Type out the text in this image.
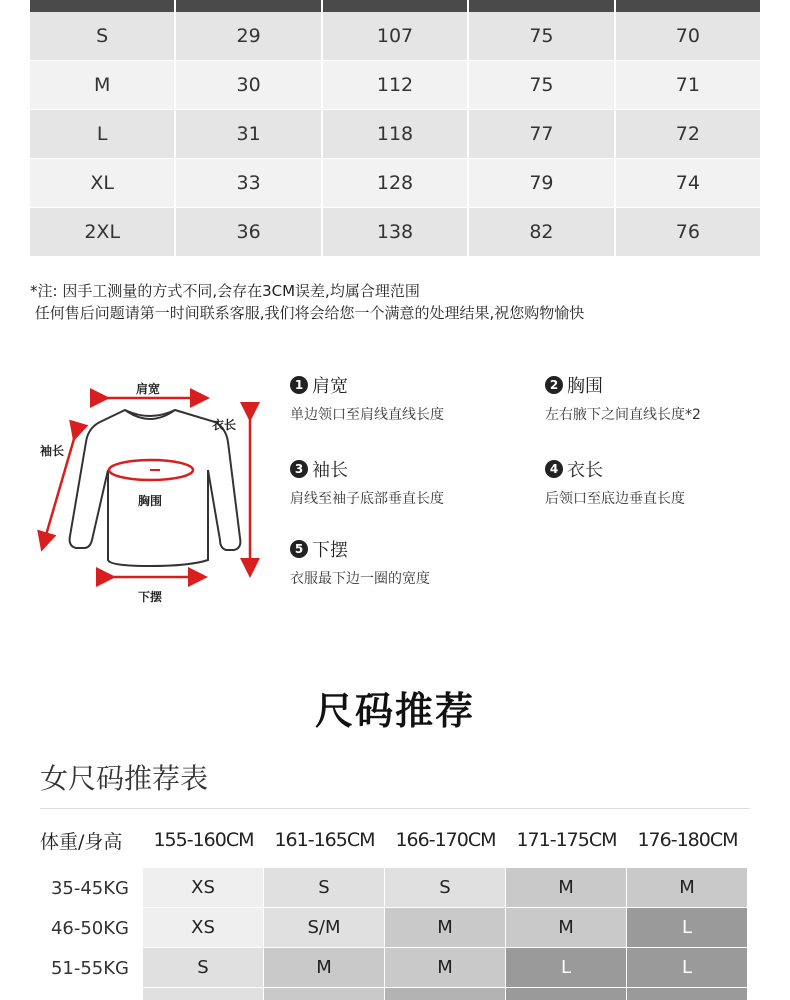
S	29	107	75	70
M	30	112	75	71
L	31	118	77	72
XL	33	128	79	74
2XL	36	138	82	76
*注: 因手工测量的方式不同,会存在3CM误差,均属合理范围
任何售后问题请第一时间联系客服,我们将会给您一个满意的处理结果,祝您购物愉快
肩宽
衣长
袖长
胸围
下摆
1 肩宽
单边领口至肩线直线长度
2 胸围
左右腋下之间直线长度*2
3 袖长
肩线至袖子底部垂直长度
4 衣长
后领口至底边垂直长度
5 下摆
衣服最下边一圈的宽度
尺码推荐
女尺码推荐表
体重/身高	155-160CM	161-165CM	166-170CM	171-175CM	176-180CM
35-45KG	XS	S	S	M	M
46-50KG	XS	S/M	M	M	L
51-55KG	S	M	M	L	L
